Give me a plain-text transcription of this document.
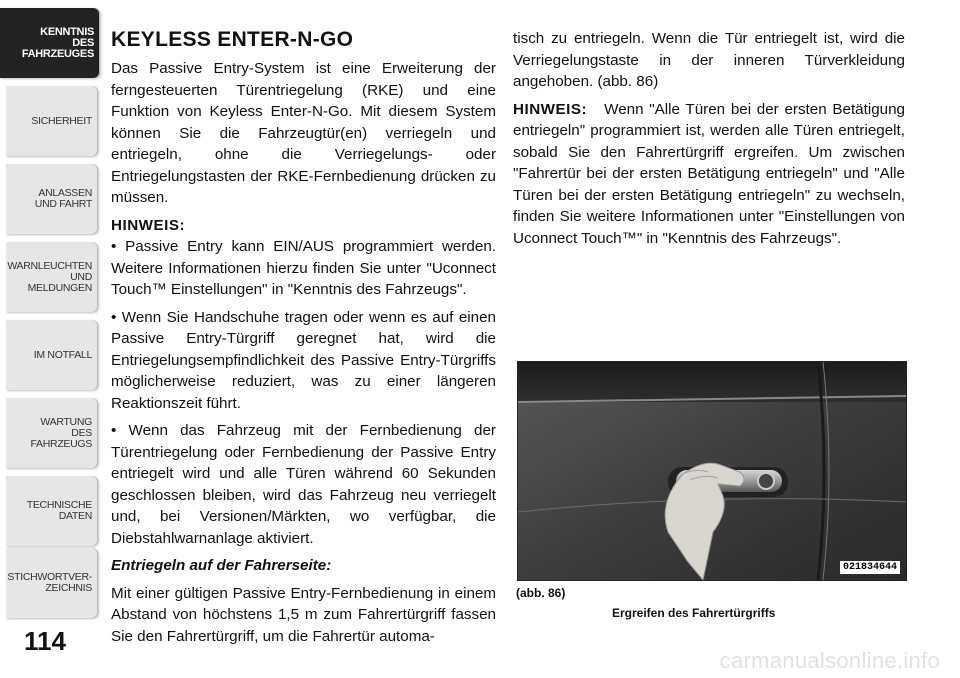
KENNTNIS
DES
FAHRZEUGES
SICHERHEIT
ANLASSEN
UND FAHRT
WARNLEUCHTEN
UND
MELDUNGEN
IM NOTFALL
WARTUNG
DES
FAHRZEUGS
TECHNISCHE
DATEN
STICHWORTVER-
ZEICHNIS
114

KEYLESS ENTER-N-GO

Das Passive Entry-System ist eine Erweiterung der ferngesteuerten Türentriegelung (RKE) und eine Funktion von Keyless Enter-N-Go. Mit diesem System können Sie die Fahrzeugtür(en) verriegeln und entriegeln, ohne die Verriegelungs- oder Entriegelungstasten der RKE-Fernbedienung drücken zu müssen.

HINWEIS:

• Passive Entry kann EIN/AUS programmiert werden. Weitere Informationen hierzu finden Sie unter "Uconnect Touch™ Einstellungen" in "Kenntnis des Fahrzeugs".

• Wenn Sie Handschuhe tragen oder wenn es auf einen Passive Entry-Türgriff geregnet hat, wird die Entriegelungsempfindlichkeit des Passive Entry-Türgriffs möglicherweise reduziert, was zu einer längeren Reaktionszeit führt.

• Wenn das Fahrzeug mit der Fernbedienung der Türentriegelung oder Fernbedienung der Passive Entry entriegelt wird und alle Türen während 60 Sekunden geschlossen bleiben, wird das Fahrzeug neu verriegelt und, bei Versionen/Märkten, wo verfügbar, die Diebstahlwarnanlage aktiviert.

Entriegeln auf der Fahrerseite:

Mit einer gültigen Passive Entry-Fernbedienung in einem Abstand von höchstens 1,5 m zum Fahrertürgriff fassen Sie den Fahrertürgriff, um die Fahrertür automa-

tisch zu entriegeln. Wenn die Tür entriegelt ist, wird die Verriegelungstaste in der inneren Türverkleidung angehoben. (abb. 86)

HINWEIS: Wenn "Alle Türen bei der ersten Betätigung entriegeln" programmiert ist, werden alle Türen entriegelt, sobald Sie den Fahrertürgriff ergreifen. Um zwischen "Fahrertür bei der ersten Betätigung entriegeln" und "Alle Türen bei der ersten Betätigung entriegeln" zu wechseln, finden Sie weitere Informationen unter "Einstellungen von Uconnect Touch™" in "Kenntnis des Fahrzeugs".

021834644
(abb. 86)
Ergreifen des Fahrertürgriffs
carmanualsonline.info
